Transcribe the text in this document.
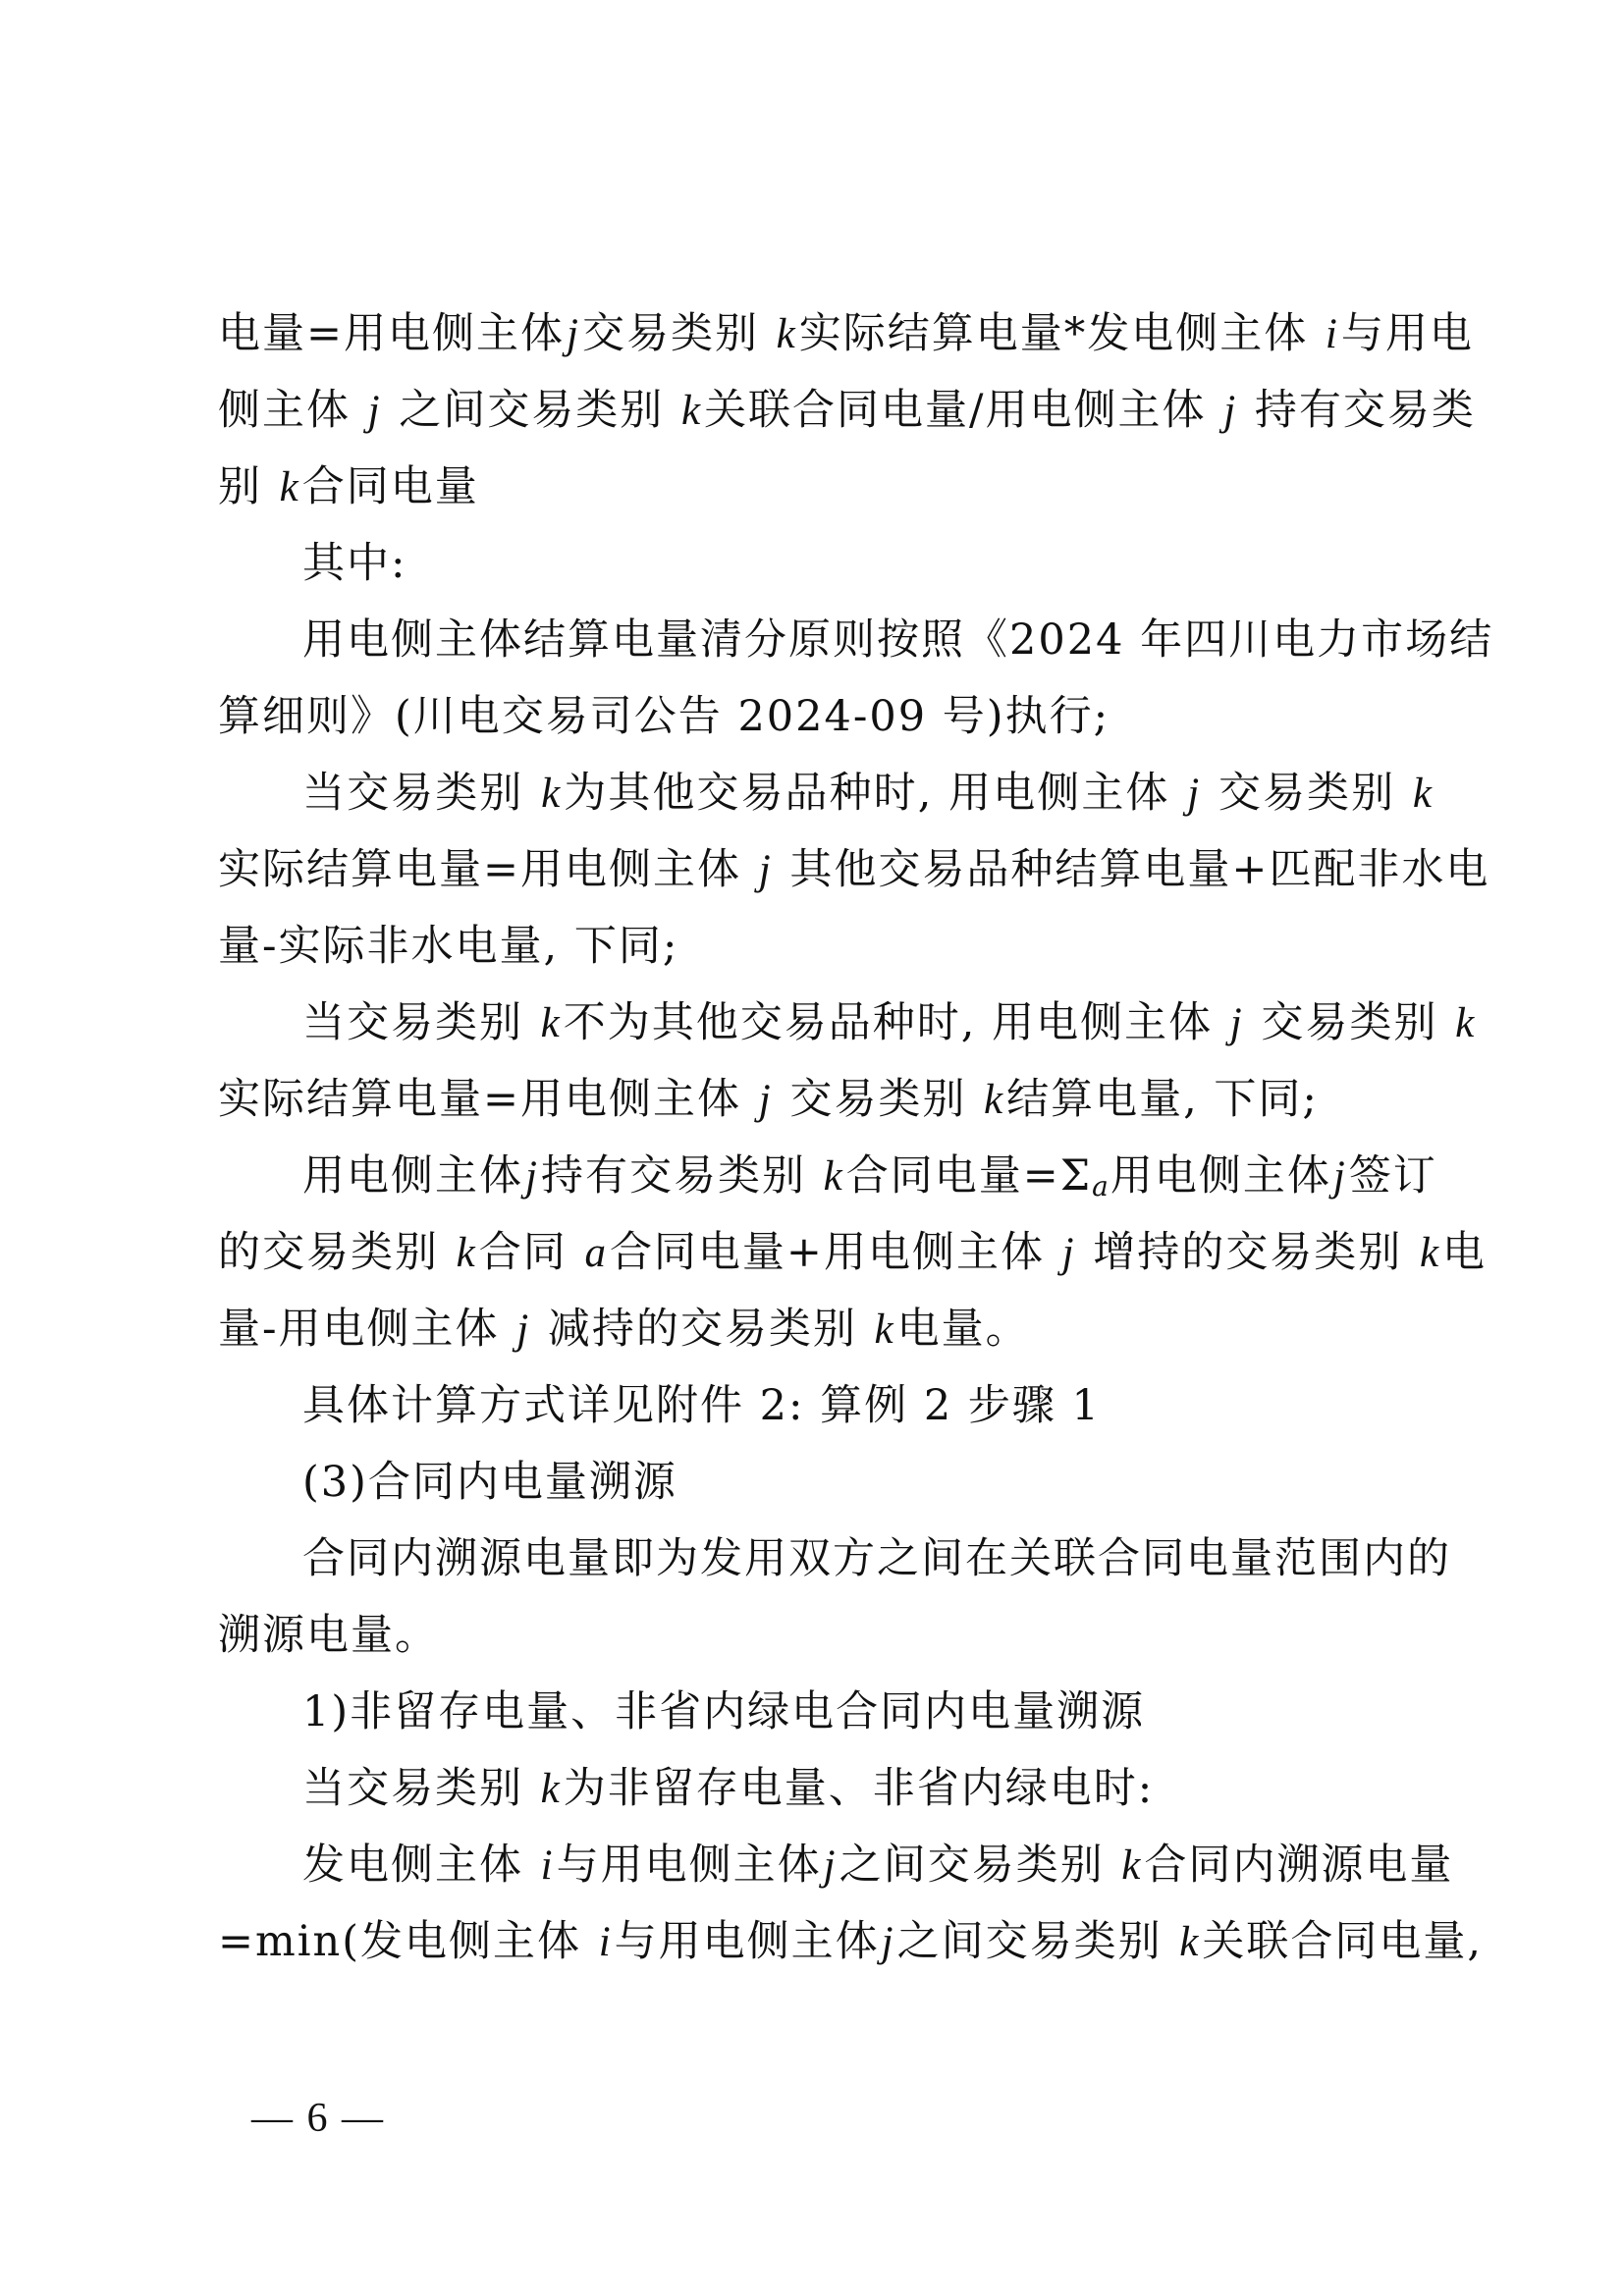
电量=用电侧主体j交易类别 k实际结算电量*发电侧主体 i与用电
侧主体 j 之间交易类别 k关联合同电量/用电侧主体 j 持有交易类
别 k合同电量
其中:
用电侧主体结算电量清分原则按照《2024 年四川电力市场结
算细则》(川电交易司公告 2024-09 号)执行;
当交易类别 k为其他交易品种时, 用电侧主体 j 交易类别 k
实际结算电量=用电侧主体 j 其他交易品种结算电量+匹配非水电
量-实际非水电量, 下同;
当交易类别 k不为其他交易品种时, 用电侧主体 j 交易类别 k
实际结算电量=用电侧主体 j 交易类别 k结算电量, 下同;
用电侧主体j持有交易类别 k合同电量$=\Sigma_a$用电侧主体j签订
的交易类别 k合同 a合同电量+用电侧主体 j 增持的交易类别 k电
量-用电侧主体 j 减持的交易类别 k电量。
具体计算方式详见附件 2: 算例 2 步骤 1
(3)合同内电量溯源
合同内溯源电量即为发用双方之间在关联合同电量范围内的
溯源电量。
1)非留存电量、非省内绿电合同内电量溯源
当交易类别 k为非留存电量、非省内绿电时:
发电侧主体 i与用电侧主体j之间交易类别 k合同内溯源电量
=min(发电侧主体 i与用电侧主体j之间交易类别 k关联合同电量,
— 6 —
